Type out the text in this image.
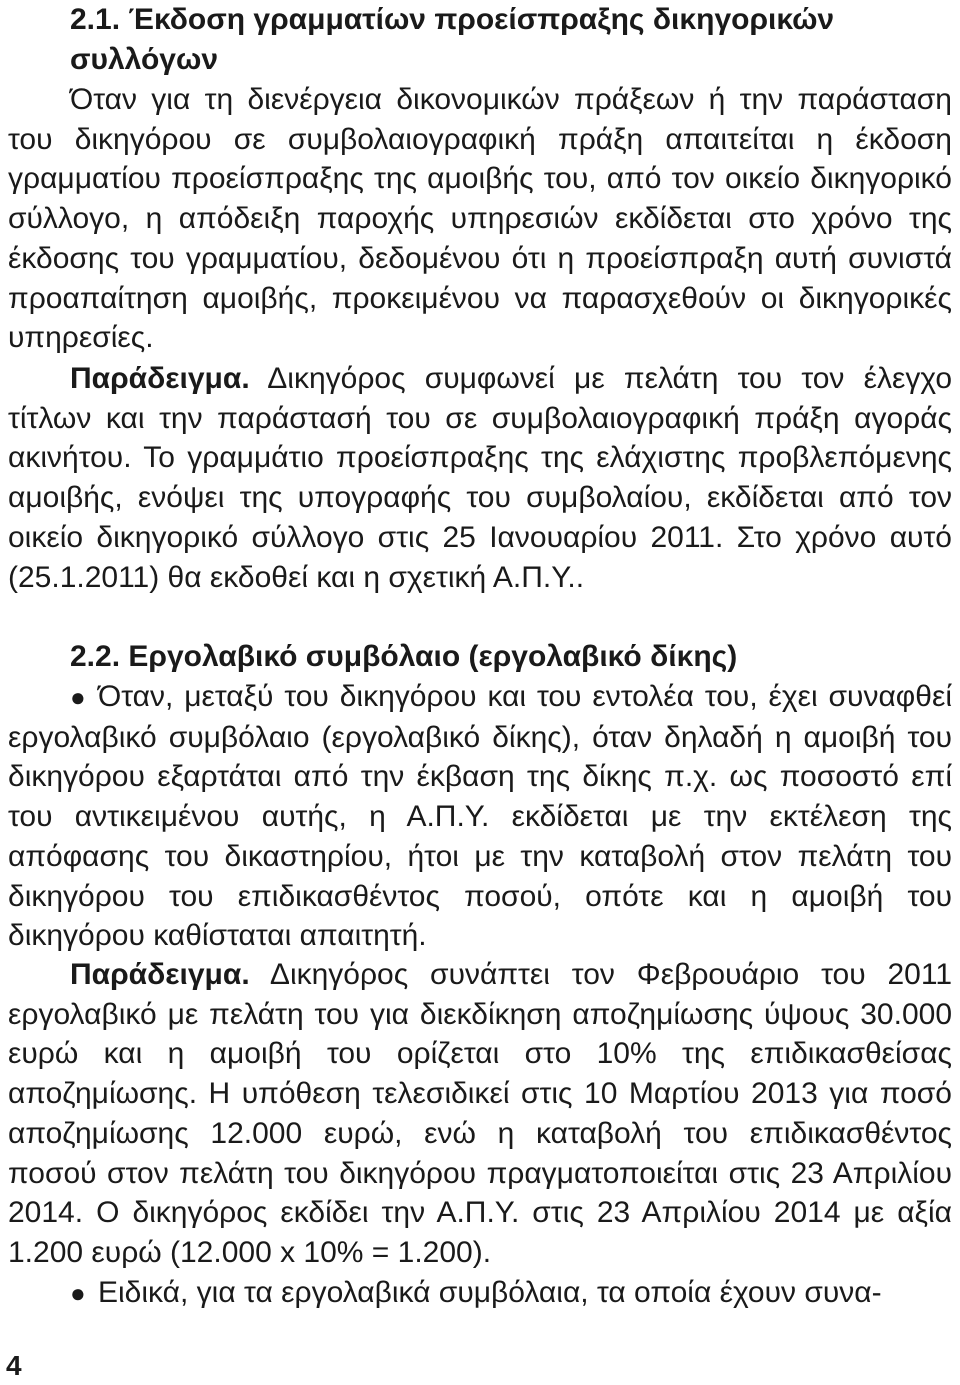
2.1. Έκδοση γραμματίων προείσπραξης δικηγορικών συλλόγων
Όταν για τη διενέργεια δικονομικών πράξεων ή την παράσταση του δικηγόρου σε συμβολαιογραφική πράξη απαιτείται η έκδοση γραμματίου προείσπραξης της αμοιβής του, από τον οικείο δικηγορικό σύλλογο, η απόδειξη παροχής υπηρεσιών εκδίδεται στο χρόνο της έκδοσης του γραμματίου, δεδομένου ότι η προείσπραξη αυτή συνιστά προαπαίτηση αμοιβής, προκειμένου να παρασχεθούν οι δικηγορικές υπηρεσίες.
Παράδειγμα. Δικηγόρος συμφωνεί με πελάτη του τον έλεγχο τίτλων και την παράστασή του σε συμβολαιογραφική πράξη αγοράς ακινήτου. Το γραμμάτιο προείσπραξης της ελάχιστης προβλεπόμενης αμοιβής, ενόψει της υπογραφής του συμβολαίου, εκδίδεται από τον οικείο δικηγορικό σύλλογο στις 25 Ιανουαρίου 2011. Στο χρόνο αυτό (25.1.2011) θα εκδοθεί και η σχετική Α.Π.Υ..
2.2. Εργολαβικό συμβόλαιο (εργολαβικό δίκης)
● Όταν, μεταξύ του δικηγόρου και του εντολέα του, έχει συναφθεί εργολαβικό συμβόλαιο (εργολαβικό δίκης), όταν δηλαδή η αμοιβή του δικηγόρου εξαρτάται από την έκβαση της δίκης π.χ. ως ποσοστό επί του αντικειμένου αυτής, η Α.Π.Υ. εκδίδεται με την εκτέλεση της απόφασης του δικαστηρίου, ήτοι με την καταβολή στον πελάτη του δικηγόρου του επιδικασθέντος ποσού, οπότε και η αμοιβή του δικηγόρου καθίσταται απαιτητή.
Παράδειγμα. Δικηγόρος συνάπτει τον Φεβρουάριο του 2011 εργολαβικό με πελάτη του για διεκδίκηση αποζημίωσης ύψους 30.000 ευρώ και η αμοιβή του ορίζεται στο 10% της επιδικασθείσας αποζημίωσης. Η υπόθεση τελεσιδικεί στις 10 Μαρτίου 2013 για ποσό αποζημίωσης 12.000 ευρώ, ενώ η καταβολή του επιδικασθέντος ποσού στον πελάτη του δικηγόρου πραγματοποιείται στις 23 Απριλίου 2014. Ο δικηγόρος εκδίδει την Α.Π.Υ. στις 23 Απριλίου 2014 με αξία 1.200 ευρώ (12.000 x 10% = 1.200).
● Ειδικά, για τα εργολαβικά συμβόλαια, τα οποία έχουν συνα-
4
